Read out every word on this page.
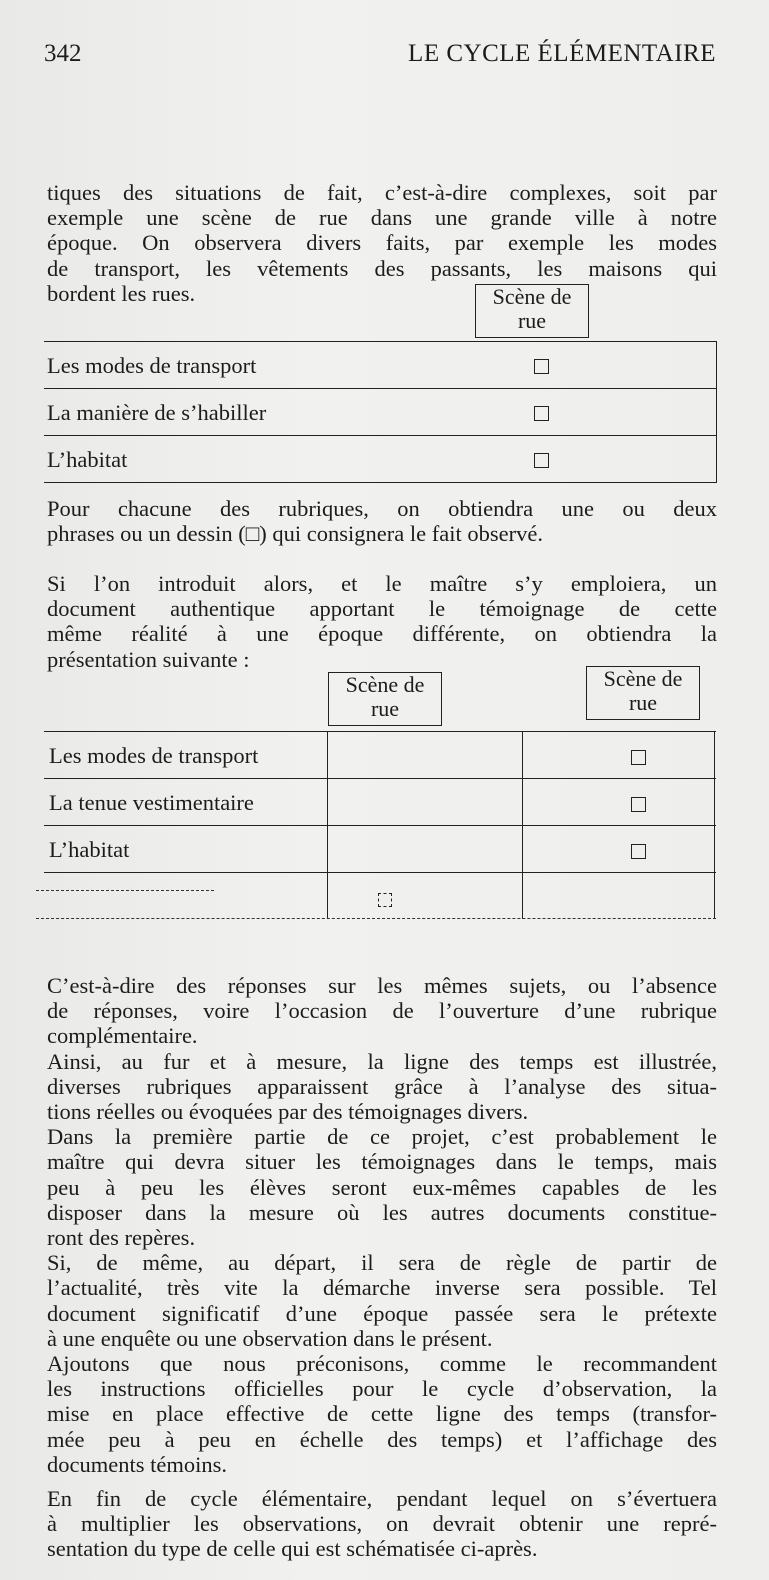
342	LE CYCLE ÉLÉMENTAIRE
tiques des situations de fait, c’est-à-dire complexes, soit par
exemple une scène de rue dans une grande ville à notre
époque. On observera divers faits, par exemple les modes
de transport, les vêtements des passants, les maisons qui
bordent les rues.	Scène de
rue
Les modes de transport
La manière de s’habiller
L’habitat
Pour chacune des rubriques, on obtiendra une ou deux
phrases ou un dessin (□) qui consignera le fait observé.
Si l’on introduit alors, et le maître s’y emploiera, un
document authentique apportant le témoignage de cette
même réalité à une époque différente, on obtiendra la
présentation suivante :
Scène de
rue
Scène de
rue
Les modes de transport
La tenue vestimentaire
L’habitat
C’est-à-dire des réponses sur les mêmes sujets, ou l’absence
de réponses, voire l’occasion de l’ouverture d’une rubrique
complémentaire.
Ainsi, au fur et à mesure, la ligne des temps est illustrée,
diverses rubriques apparaissent grâce à l’analyse des situa-
tions réelles ou évoquées par des témoignages divers.
Dans la première partie de ce projet, c’est probablement le
maître qui devra situer les témoignages dans le temps, mais
peu à peu les élèves seront eux-mêmes capables de les
disposer dans la mesure où les autres documents constitue-
ront des repères.
Si, de même, au départ, il sera de règle de partir de
l’actualité, très vite la démarche inverse sera possible. Tel
document significatif d’une époque passée sera le prétexte
à une enquête ou une observation dans le présent.
Ajoutons que nous préconisons, comme le recommandent
les instructions officielles pour le cycle d’observation, la
mise en place effective de cette ligne des temps (transfor-
mée peu à peu en échelle des temps) et l’affichage des
documents témoins.
En fin de cycle élémentaire, pendant lequel on s’évertuera
à multiplier les observations, on devrait obtenir une repré-
sentation du type de celle qui est schématisée ci-après.
